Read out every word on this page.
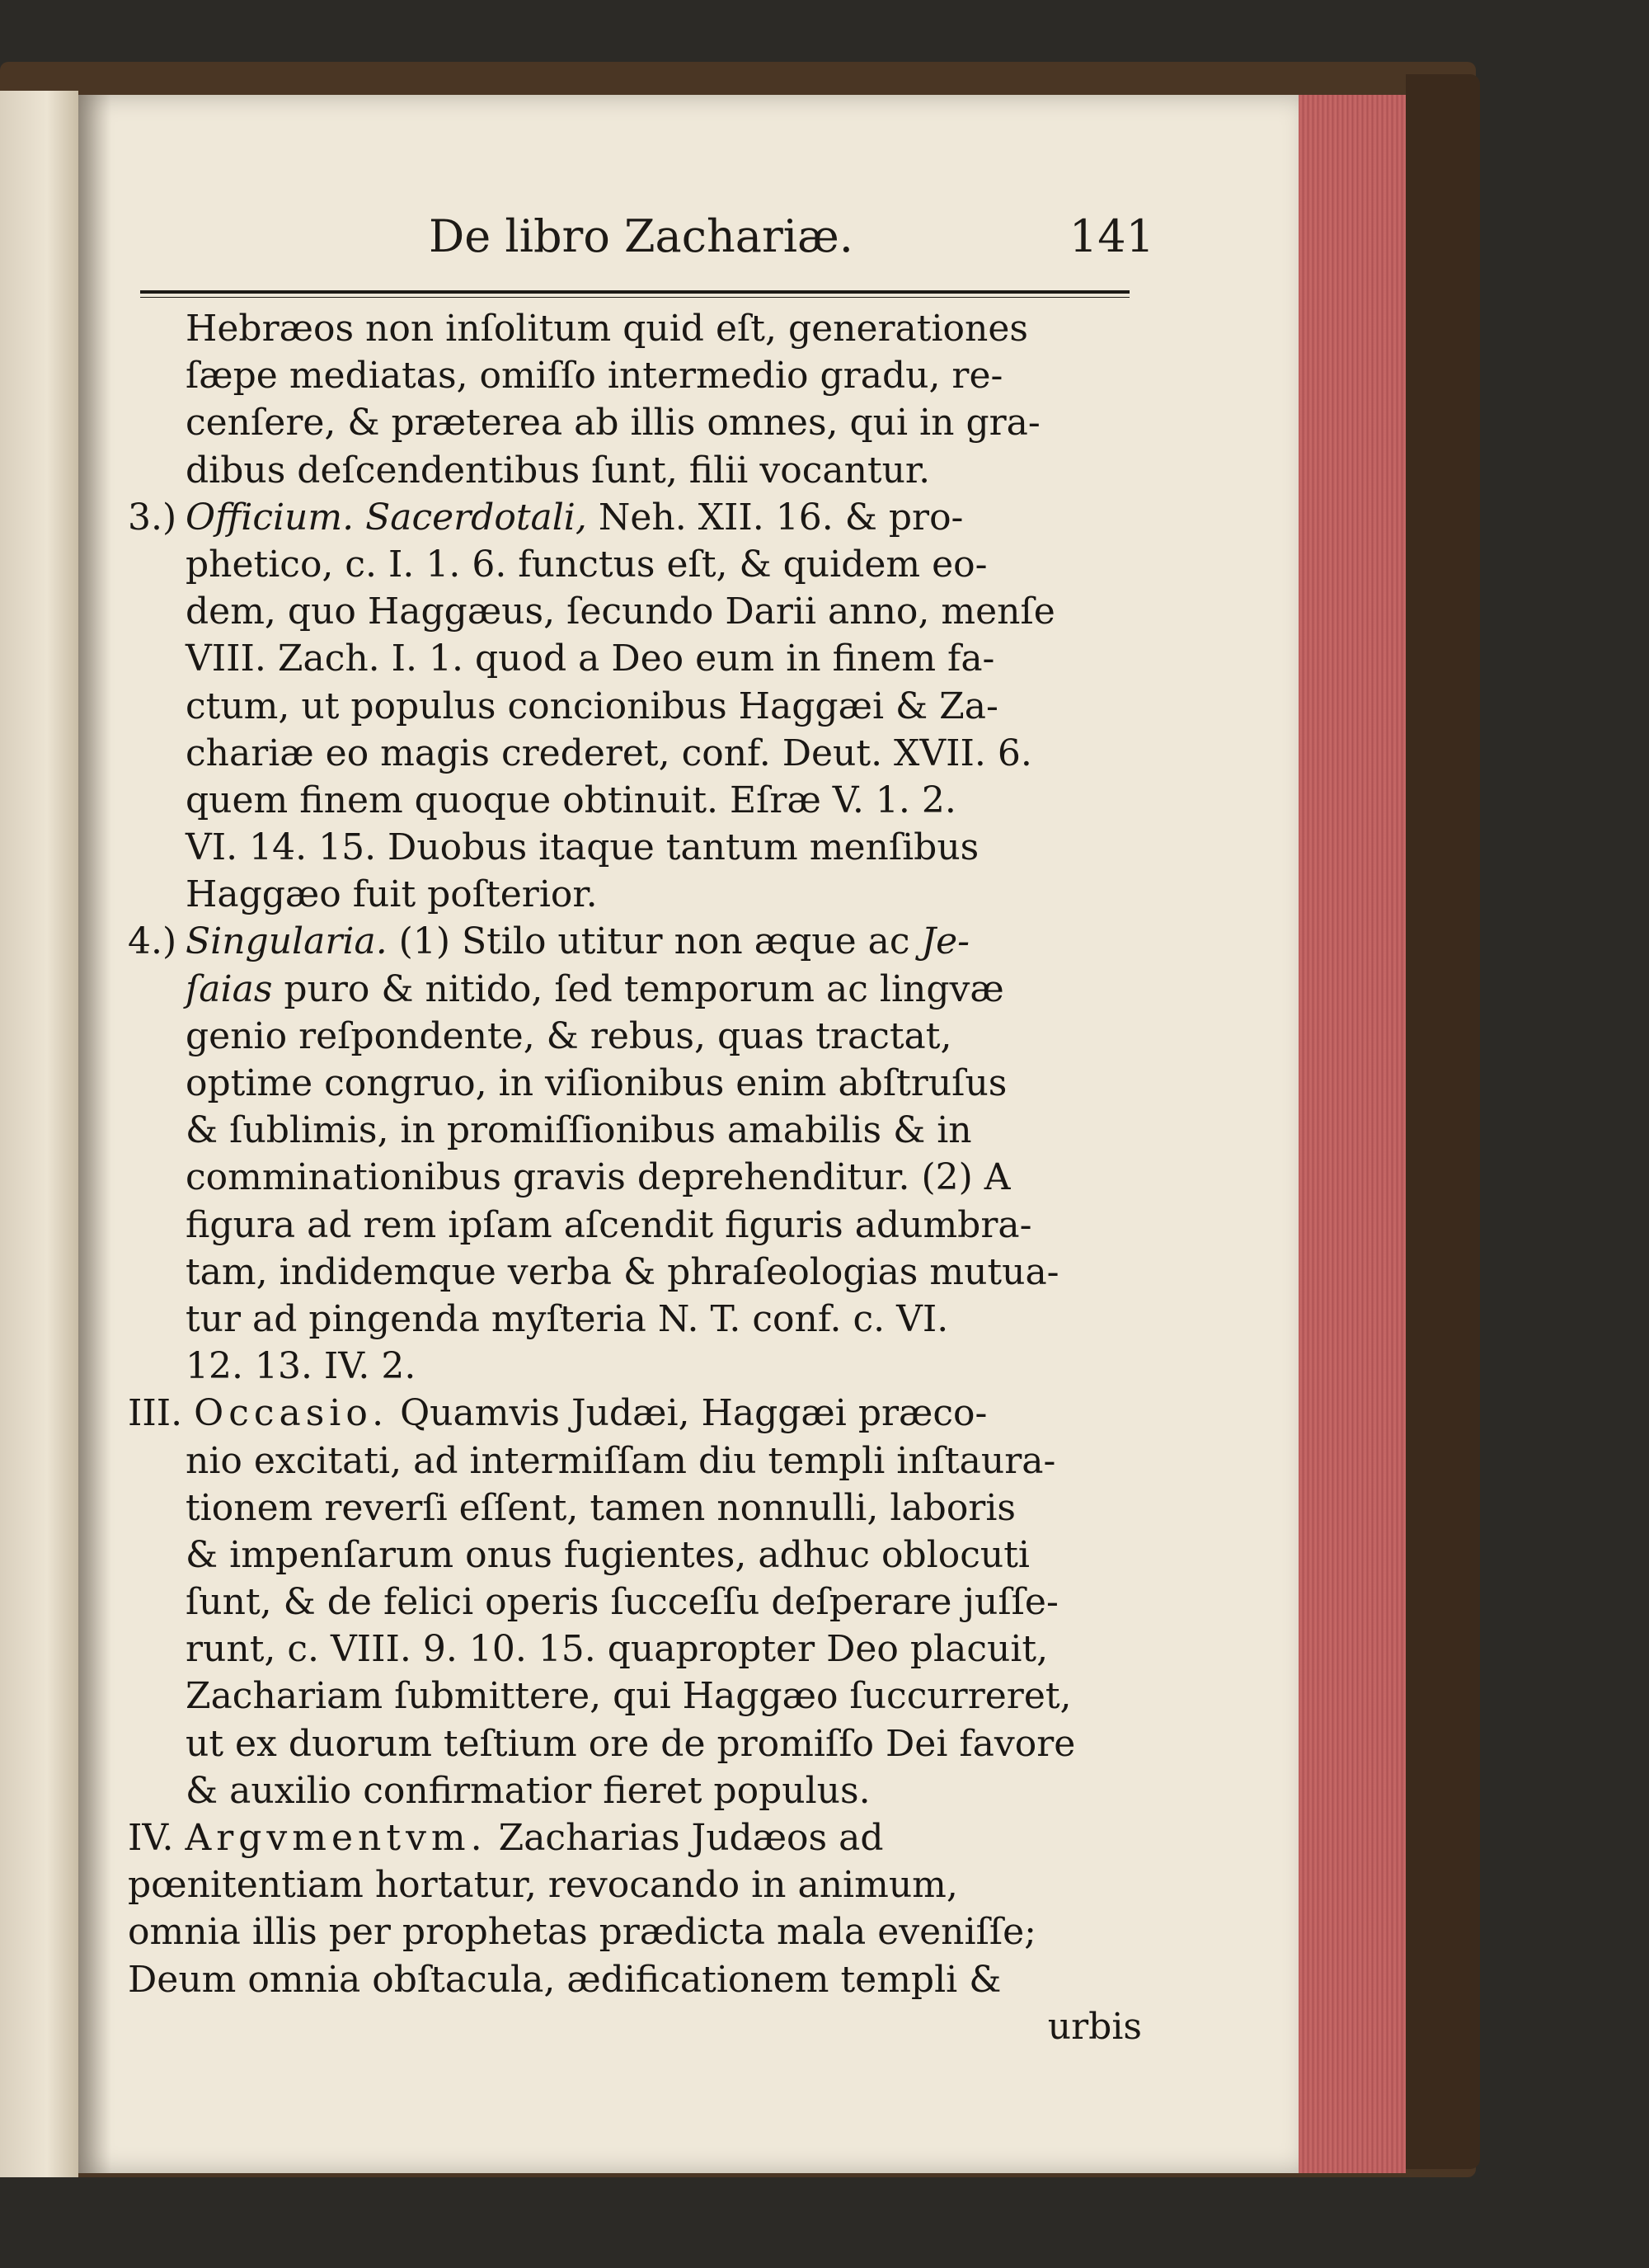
De libro Zachariæ.	141
Hebræos non inſolitum quid eſt, generationes
ſæpe mediatas, omiſſo intermedio gradu, re-
cenſere, & præterea ab illis omnes, qui in gra-
dibus deſcendentibus ſunt, filii vocantur.
3.) Officium. Sacerdotali, Neh. XII. 16. & pro-
phetico, c. I. 1. 6. functus eſt, & quidem eo-
dem, quo Haggæus, ſecundo Darii anno, menſe
VIII. Zach. I. 1. quod a Deo eum in finem fa-
ctum, ut populus concionibus Haggæi & Za-
chariæ eo magis crederet, conf. Deut. XVII. 6.
quem finem quoque obtinuit. Eſræ V. 1. 2.
VI. 14. 15. Duobus itaque tantum menſibus
Haggæo fuit poſterior.
4.) Singularia. (1) Stilo utitur non æque ac Je-
ſaias puro & nitido, ſed temporum ac lingvæ
genio reſpondente, & rebus, quas tractat,
optime congruo, in viſionibus enim abſtruſus
& ſublimis, in promiſſionibus amabilis & in
comminationibus gravis deprehenditur. (2) A
figura ad rem ipſam aſcendit figuris adumbra-
tam, indidemque verba & phraſeologias mutua-
tur ad pingenda myſteria N. T. conf. c. VI.
12. 13. IV. 2.
III. Occasio. Quamvis Judæi, Haggæi præco-
nio excitati, ad intermiſſam diu templi inſtaura-
tionem reverſi eſſent, tamen nonnulli, laboris
& impenſarum onus fugientes, adhuc oblocuti
ſunt, & de felici operis ſucceſſu deſperare juſſe-
runt, c. VIII. 9. 10. 15. quapropter Deo placuit,
Zachariam ſubmittere, qui Haggæo ſuccurreret,
ut ex duorum teſtium ore de promiſſo Dei favore
& auxilio confirmatior fieret populus.
IV. Argvmentvm. Zacharias Judæos ad
pœnitentiam hortatur, revocando in animum,
omnia illis per prophetas prædicta mala eveniſſe;
Deum omnia obſtacula, ædificationem templi &
urbis
